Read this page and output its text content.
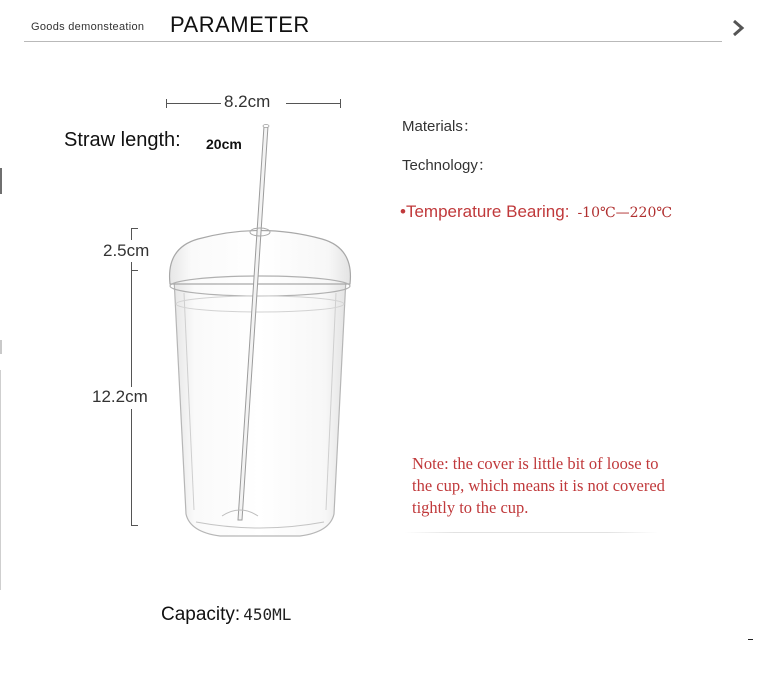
Goods demonsteation PARAMETER
8.2cm
Straw length: 20cm
2.5cm
12.2cm
Materials：
Technology：
•Temperature Bearing: -10℃—220℃
Note: the cover is little bit of loose to
the cup, which means it is not covered
tightly to the cup.
Capacity: 450ML
